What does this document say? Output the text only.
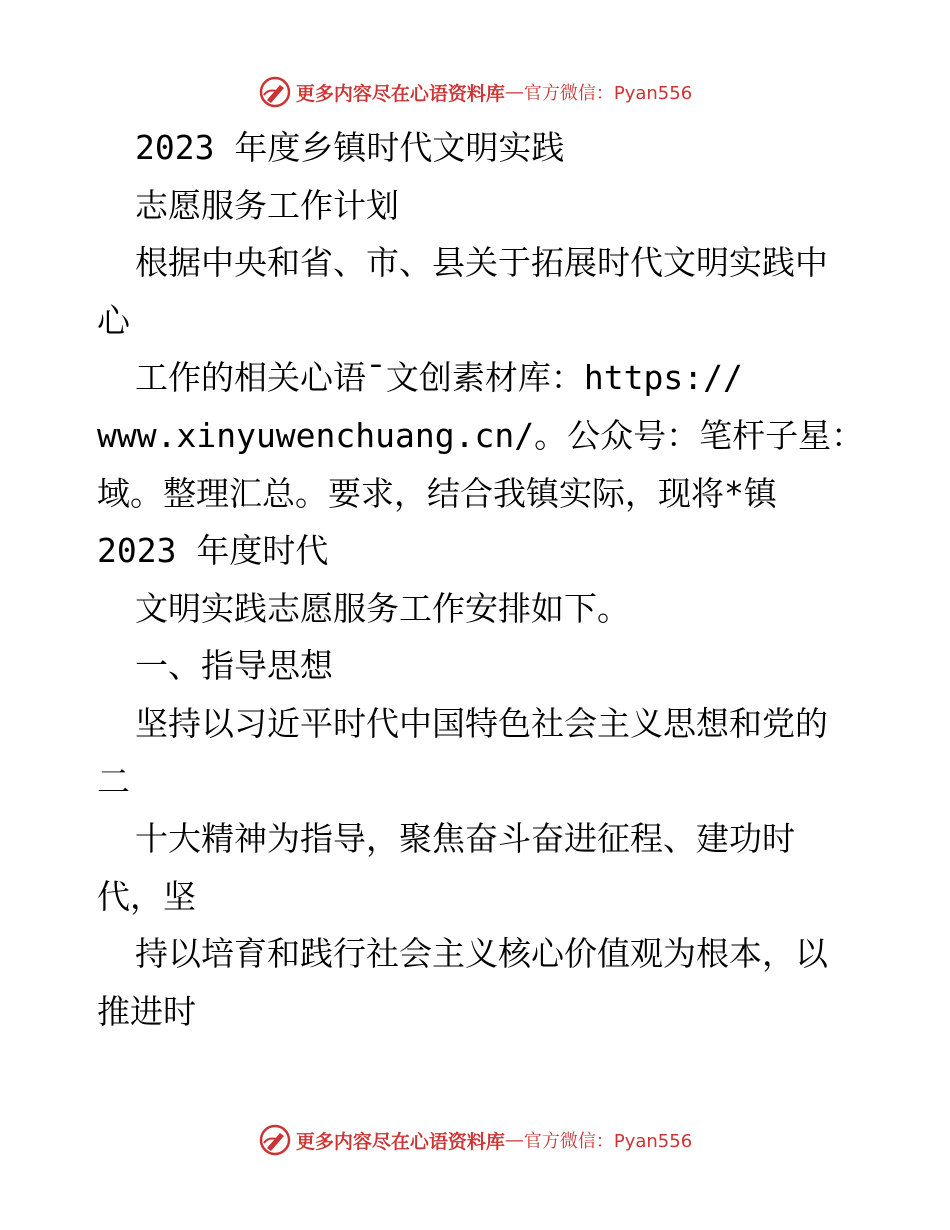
更多内容尽在心语资料库 — 官方微信：Pyan556
2023 年度乡镇时代文明实践
志愿服务工作计划
根据中央和省、市、县关于拓展时代文明实践中
心
工作的相关心语¯文创素材库：https://
www.xinyuwenchuang.cn/。公众号：笔杆子星：
域。整理汇总。要求，结合我镇实际，现将*镇
2023 年度时代
文明实践志愿服务工作安排如下。
一、指导思想
坚持以习近平时代中国特色社会主义思想和党的
二
十大精神为指导，聚焦奋斗奋进征程、建功时
代，坚
持以培育和践行社会主义核心价值观为根本，以
推进时
更多内容尽在心语资料库 — 官方微信：Pyan556
